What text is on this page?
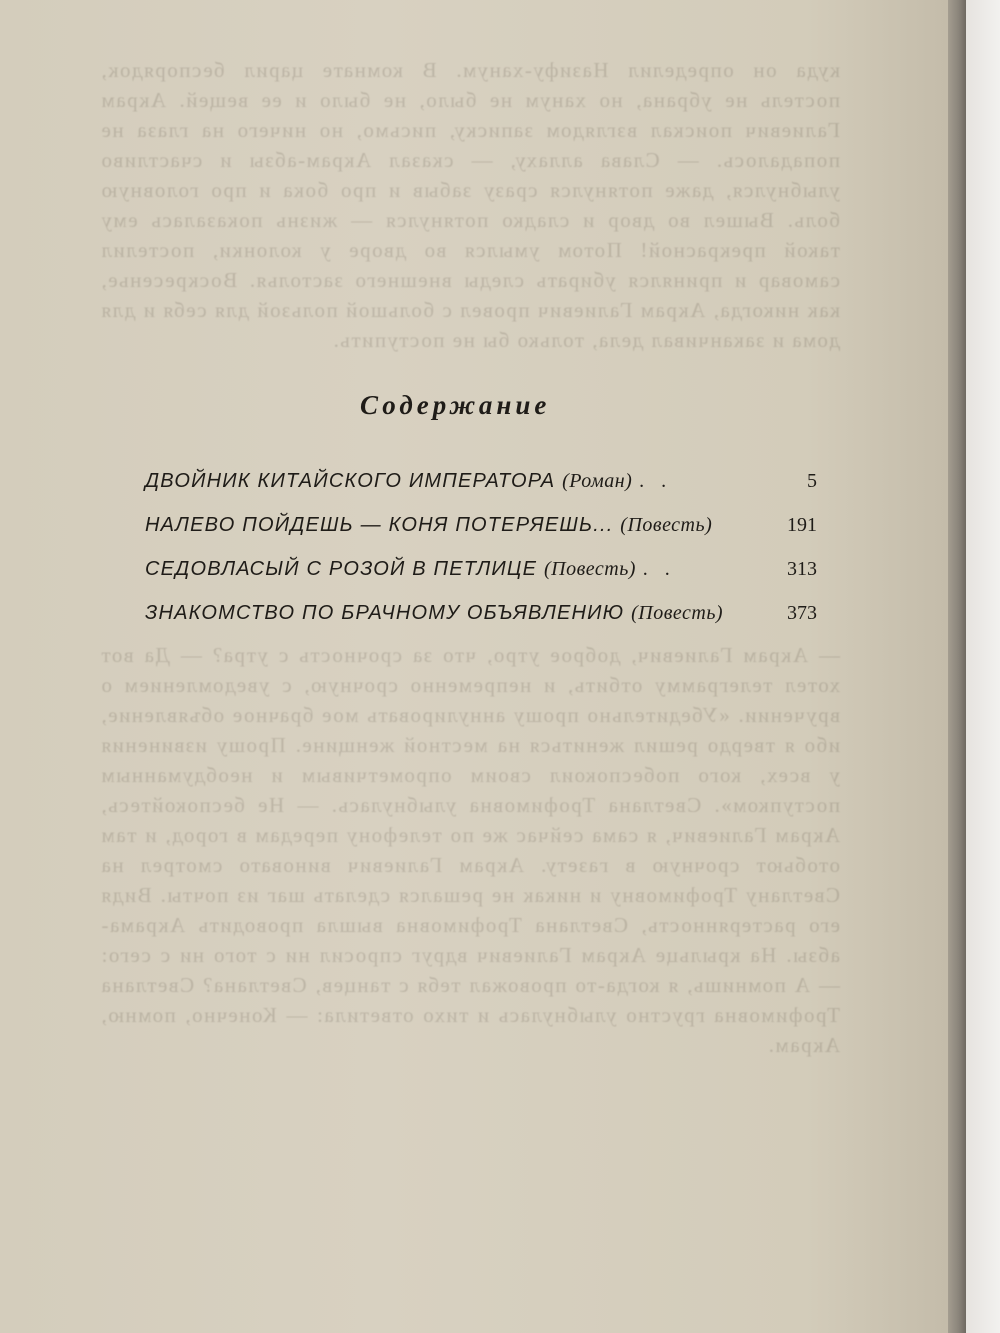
куда он определил Назифу-ханум. В комнате царил беспорядок, постель не убрана, но ханум не было, не было и ее вещей. Акрам Галиевич поискал взглядом записку, письмо, но ничего на глаза не попадалось. — Слава аллаху, — сказал Акрам-абзы и счастливо улыбнулся, даже потянулся сразу забыв и про бока и про головную боль. Вышел во двор и сладко потянулся — жизнь показалась ему такой прекрасной! Потом умылся во дворе у колонки, постелил самовар и принялся убирать следы внешнего застолья. Воскресенье, как никогда, Акрам Галиевич провел с большой пользой для себя и для дома и заканчивал дела, только бы не поступить.
— Акрам Галиевич, доброе утро, что за срочность с утра? — Да вот хотел телеграмму отбить, и непременно срочную, с уведомлением о вручении. «Убедительно прошу аннулировать мое брачное объявление, ибо я твердо решил жениться на местной женщине. Прошу извинения у всех, кого побеспокоил своим опрометчивым и необдуманным поступком». Светлана Трофимовна улыбнулась. — Не беспокойтесь, Акрам Галиевич, я сама сейчас же по телефону передам в город, и там отобьют срочную в газету. Акрам Галиевич виновато смотрел на Светлану Трофимовну и никак не решался сделать шаг из почты. Видя его растерянность, Светлана Трофимовна вышла проводить Акрама-абзы. На крыльце Акрам Галиевич вдруг спросил ни с того ни с сего: — А помнишь, я когда-то провожал тебя с танцев, Светлана? Светлана Трофимовна грустно улыбнулась и тихо ответила: — Конечно, помню, Акрам.
Содержание
ДВОЙНИК КИТАЙСКОГО ИМПЕРАТОРА (Роман) . .	5
НАЛЕВО ПОЙДЕШЬ — КОНЯ ПОТЕРЯЕШЬ... (Повесть)	191
СЕДОВЛАСЫЙ С РОЗОЙ В ПЕТЛИЦЕ (Повесть) . .	313
ЗНАКОМСТВО ПО БРАЧНОМУ ОБЪЯВЛЕНИЮ (Повесть)	373
